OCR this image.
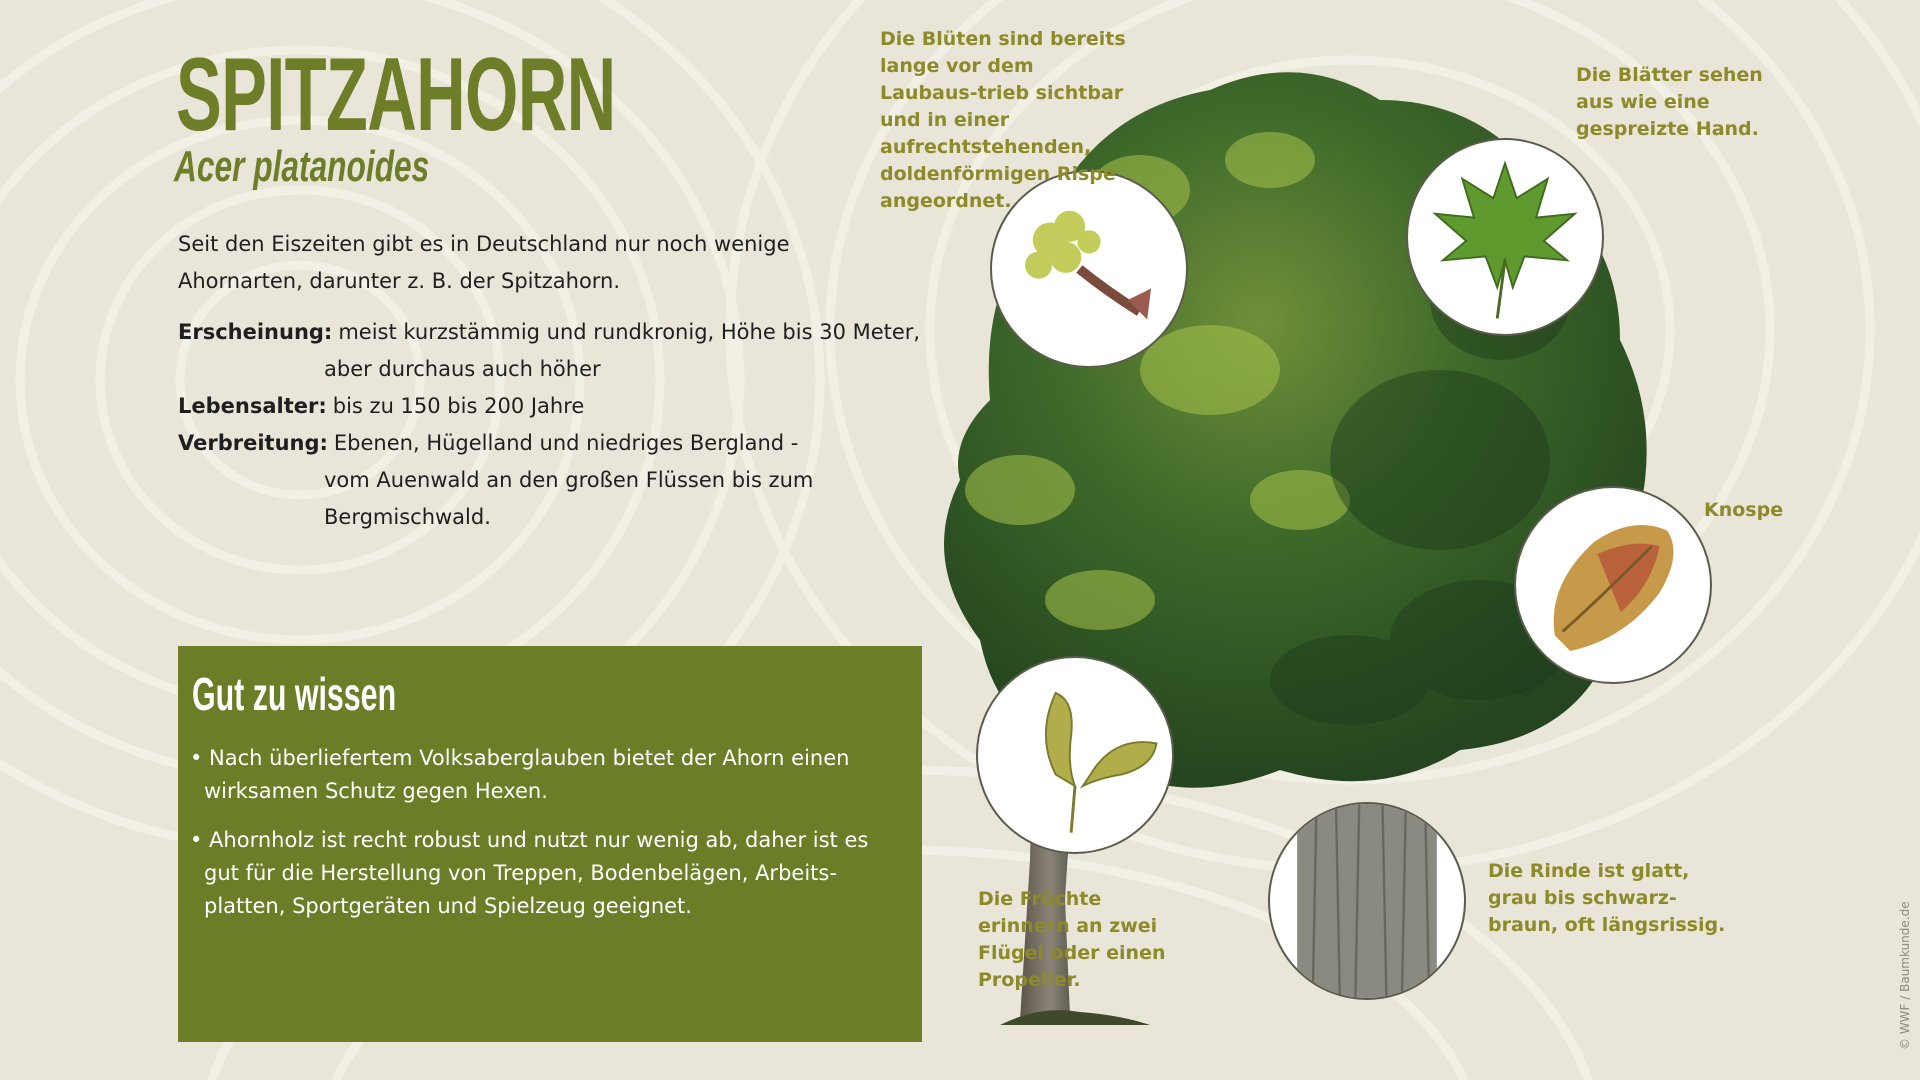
SPITZAHORN
Acer platanoides

Seit den Eiszeiten gibt es in Deutschland nur noch wenige Ahornarten, darunter z. B. der Spitzahorn.

Erscheinung: meist kurzstämmig und rundkronig, Höhe bis 30 Meter,
aber durchaus auch höher
Lebensalter: bis zu 150 bis 200 Jahre
Verbreitung: Ebenen, Hügelland und niedriges Bergland -
vom Auenwald an den großen Flüssen bis zum Bergmischwald.
Gut zu wissen
• Nach überliefertem Volksaberglauben bietet der Ahorn einen wirksamen Schutz gegen Hexen.
• Ahornholz ist recht robust und nutzt nur wenig ab, daher ist es gut für die Herstellung von Treppen, Bodenbelägen, Arbeits-platten, Sportgeräten und Spielzeug geeignet.

Die Blüten sind bereits lange vor dem Laubaus-trieb sichtbar und in einer aufrechtstehenden, doldenförmigen Rispe angeordnet.

Die Blätter sehen aus wie eine gespreizte Hand.

Knospe

Die Früchte erinnern an zwei Flügel oder einen Propeller.

Die Rinde ist glatt, grau bis schwarz-braun, oft längsrissig.	© WWF / Baumkunde.de
